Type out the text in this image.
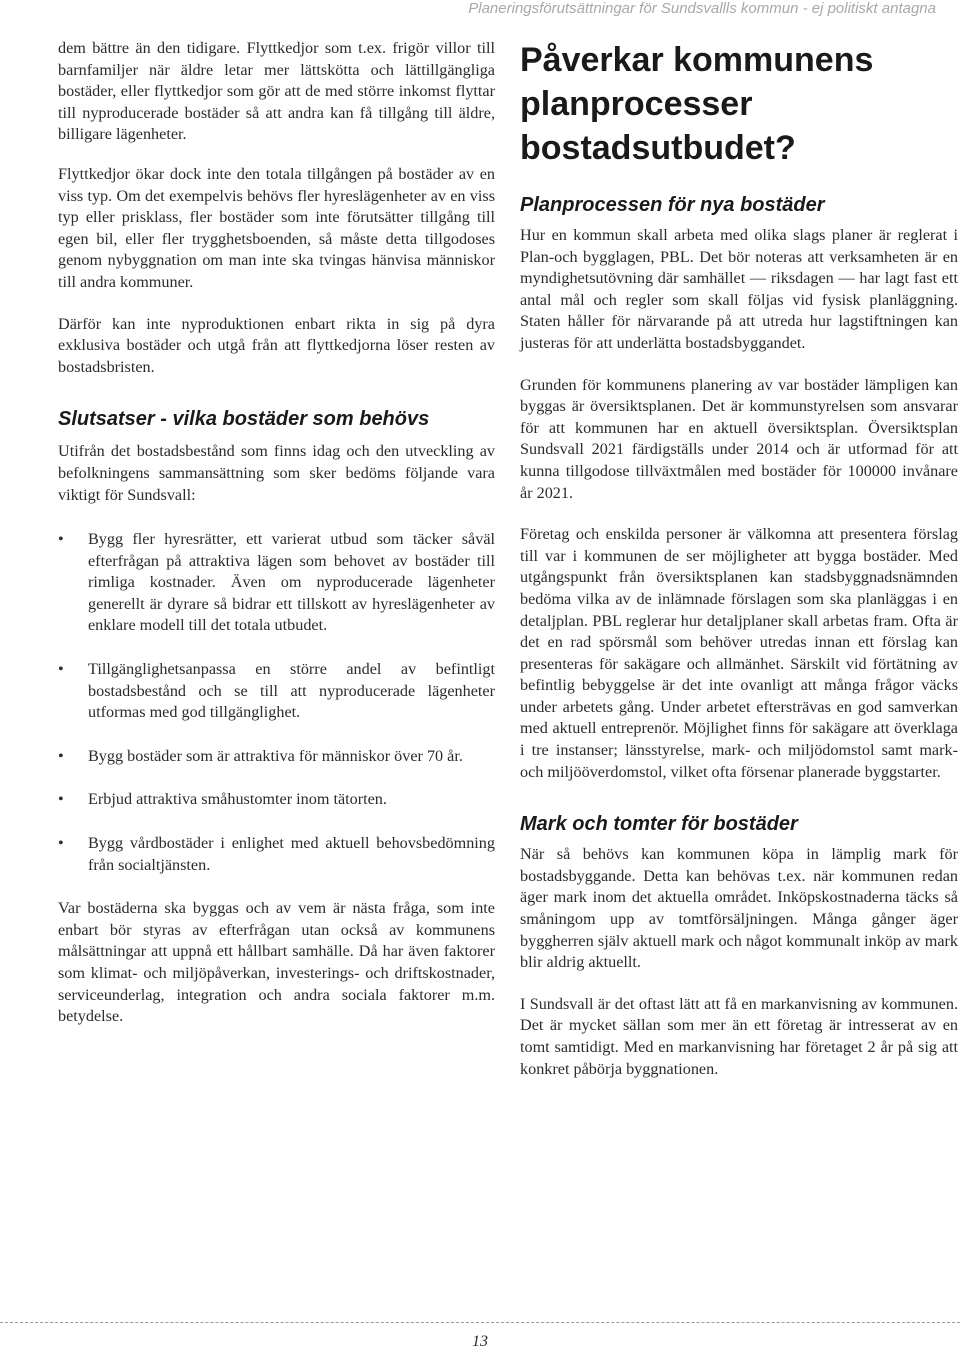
Planeringsförutsättningar för Sundsvallls kommun - ej politiskt antagna

dem bättre än den tidigare. Flyttkedjor som t.ex. frigör villor till barnfamiljer när äldre letar mer lättskötta och lättillgängliga bostäder, eller flyttkedjor som gör att de med större inkomst flyttar till nyproducerade bostäder så att andra kan få tillgång till äldre, billigare lägenheter.

Flyttkedjor ökar dock inte den totala tillgången på bostäder av en viss typ. Om det exempelvis behövs fler hyreslägenheter av en viss typ eller prisklass, fler bostäder som inte förutsätter tillgång till egen bil, eller fler trygghetsboenden, så måste detta tillgodoses genom nybyggnation om man inte ska tvingas hänvisa människor till andra kommuner.

Därför kan inte nyproduktionen enbart rikta in sig på dyra exklusiva bostäder och utgå från att flyttkedjorna löser resten av bostadsbristen.

Slutsatser - vilka bostäder som behövs

Utifrån det bostadsbestånd som finns idag och den utveckling av befolkningens sammansättning som sker bedöms följande vara viktigt för Sundsvall:

• Bygg fler hyresrätter, ett varierat utbud som täcker såväl efterfrågan på attraktiva lägen som behovet av bostäder till rimliga kostnader. Även om nyproducerade lägenheter generellt är dyrare så bidrar ett tillskott av hyreslägenheter av enklare modell till det totala utbudet.
• Tillgänglighetsanpassa en större andel av befintligt bostadsbestånd och se till att nyproducerade lägenheter utformas med god tillgänglighet.
• Bygg bostäder som är attraktiva för människor över 70 år.
• Erbjud attraktiva småhustomter inom tätorten.
• Bygg vårdbostäder i enlighet med aktuell behovsbedömning från socialtjänsten.

Var bostäderna ska byggas och av vem är nästa fråga, som inte enbart bör styras av efterfrågan utan också av kommunens målsättningar att uppnå ett hållbart samhälle. Då har även faktorer som klimat- och miljöpåverkan, investerings- och driftskostnader, serviceunderlag, integration och andra sociala faktorer m.m. betydelse.

Påverkar kommunens planprocesser bostadsutbudet?
Planprocessen för nya bostäder

Hur en kommun skall arbeta med olika slags planer är reglerat i Plan-och bygglagen, PBL. Det bör noteras att verksamheten är en myndighetsutövning där samhället — riksdagen — har lagt fast ett antal mål och regler som skall följas vid fysisk planläggning. Staten håller för närvarande på att utreda hur lagstiftningen kan justeras för att underlätta bostadsbyggandet.

Grunden för kommunens planering av var bostäder lämpligen kan byggas är översiktsplanen. Det är kommunstyrelsen som ansvarar för att kommunen har en aktuell översiktsplan. Översiktsplan Sundsvall 2021 färdigställs under 2014 och är utformad för att kunna tillgodose tillväxtmålen med bostäder för 100000 invånare år 2021.

Företag och enskilda personer är välkomna att presentera förslag till var i kommunen de ser möjligheter att bygga bostäder. Med utgångspunkt från översiktsplanen kan stadsbyggnadsnämnden bedöma vilka av de inlämnade förslagen som ska planläggas i en detaljplan. PBL reglerar hur detaljplaner skall arbetas fram. Ofta är det en rad spörsmål som behöver utredas innan ett förslag kan presenteras för sakägare och allmänhet. Särskilt vid förtätning av befintlig bebyggelse är det inte ovanligt att många frågor väcks under arbetets gång. Under arbetet eftersträvas en god samverkan med aktuell entreprenör. Möjlighet finns för sakägare att överklaga i tre instanser; länsstyrelse, mark- och miljödomstol samt mark- och miljööverdomstol, vilket ofta försenar planerade byggstarter.

Mark och tomter för bostäder

När så behövs kan kommunen köpa in lämplig mark för bostadsbyggande. Detta kan behövas t.ex. när kommunen redan äger mark inom det aktuella området. Inköpskostnaderna täcks så småningom upp av tomtförsäljningen. Många gånger äger byggherren själv aktuell mark och något kommunalt inköp av mark blir aldrig aktuellt.

I Sundsvall är det oftast lätt att få en markanvisning av kommunen. Det är mycket sällan som mer än ett företag är intresserat av en tomt samtidigt. Med en markanvisning har företaget 2 år på sig att konkret påbörja byggnationen.

13
